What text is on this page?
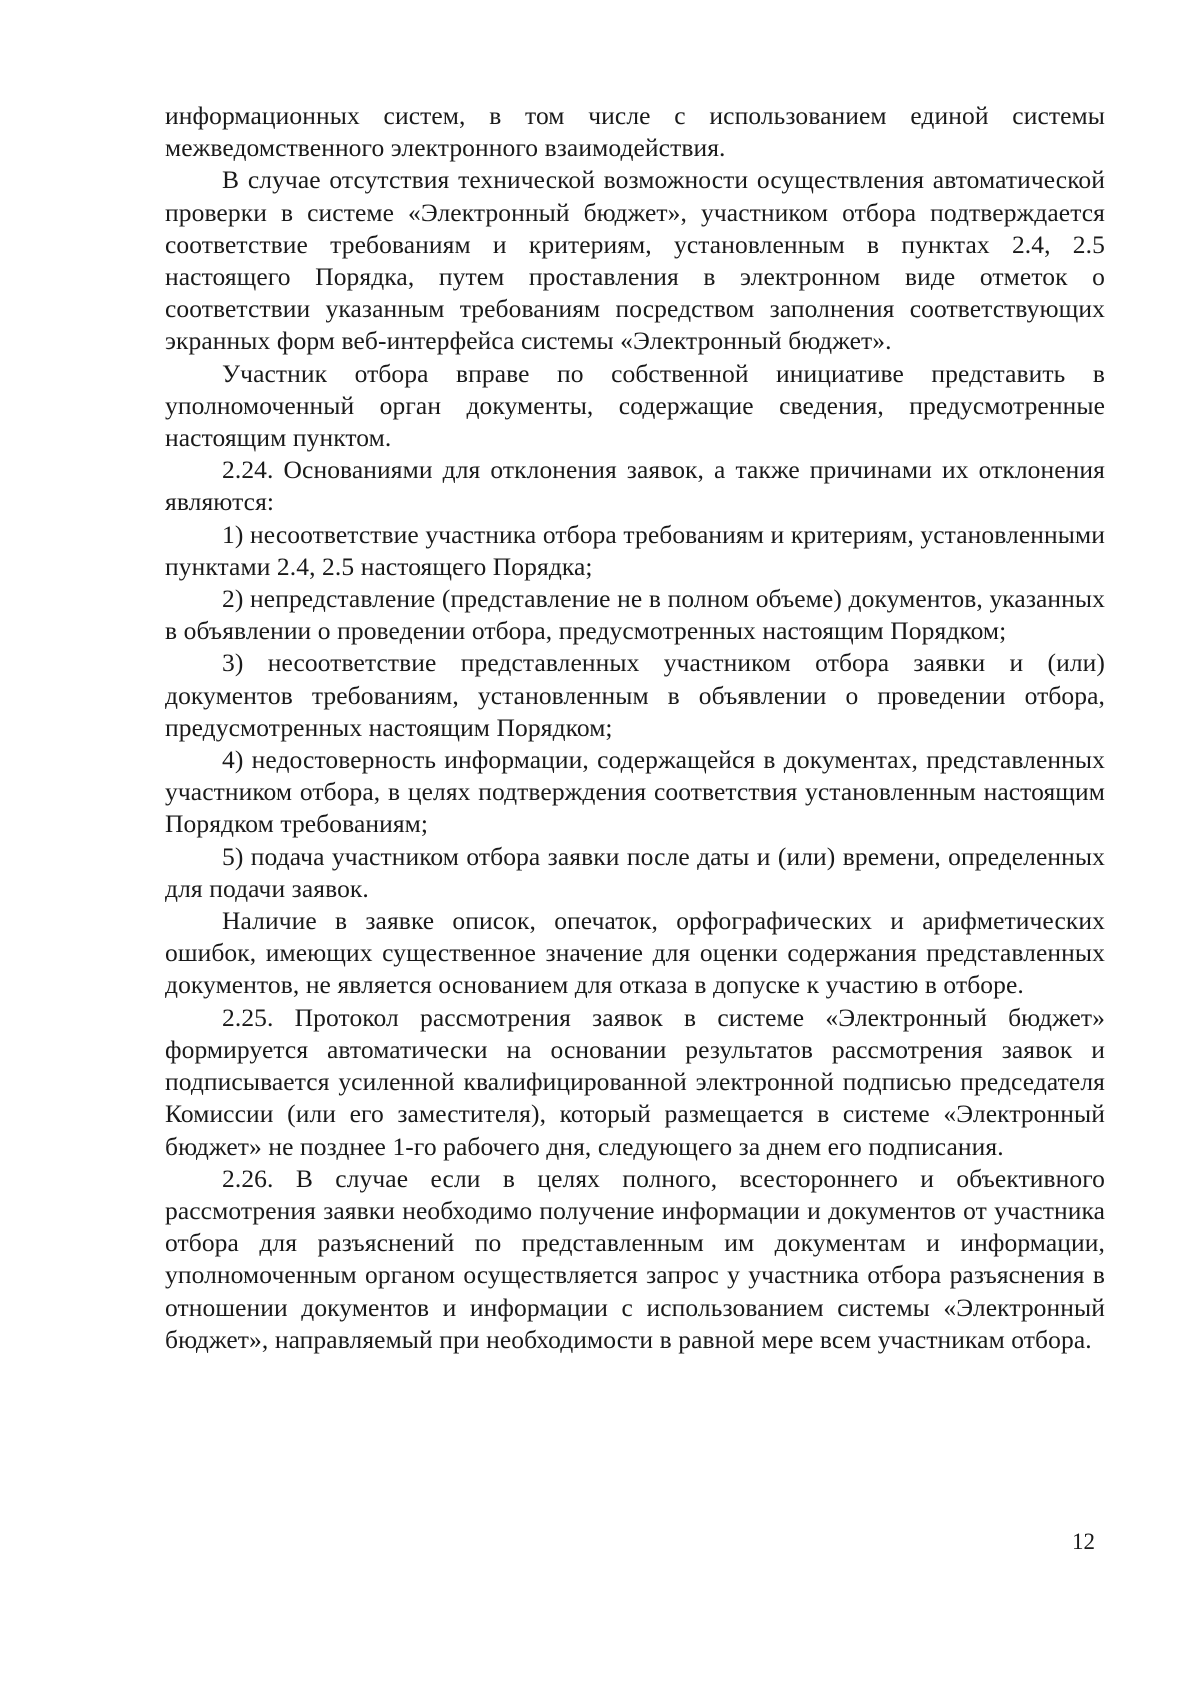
информационных систем, в том числе с использованием единой системы межведомственного электронного взаимодействия.

В случае отсутствия технической возможности осуществления автоматической проверки в системе «Электронный бюджет», участником отбора подтверждается соответствие требованиям и критериям, установленным в пунктах 2.4, 2.5 настоящего Порядка, путем проставления в электронном виде отметок о соответствии указанным требованиям посредством заполнения соответствующих экранных форм веб-интерфейса системы «Электронный бюджет».

Участник отбора вправе по собственной инициативе представить в уполномоченный орган документы, содержащие сведения, предусмотренные настоящим пунктом.

2.24. Основаниями для отклонения заявок, а также причинами их отклонения являются:

1) несоответствие участника отбора требованиям и критериям, установленными пунктами 2.4, 2.5 настоящего Порядка;

2) непредставление (представление не в полном объеме) документов, указанных в объявлении о проведении отбора, предусмотренных настоящим Порядком;

3) несоответствие представленных участником отбора заявки и (или) документов требованиям, установленным в объявлении о проведении отбора, предусмотренных настоящим Порядком;

4) недостоверность информации, содержащейся в документах, представленных участником отбора, в целях подтверждения соответствия установленным настоящим Порядком требованиям;

5) подача участником отбора заявки после даты и (или) времени, определенных для подачи заявок.

Наличие в заявке описок, опечаток, орфографических и арифметических ошибок, имеющих существенное значение для оценки содержания представленных документов, не является основанием для отказа в допуске к участию в отборе.

2.25. Протокол рассмотрения заявок в системе «Электронный бюджет» формируется автоматически на основании результатов рассмотрения заявок и подписывается усиленной квалифицированной электронной подписью председателя Комиссии (или его заместителя), который размещается в системе «Электронный бюджет» не позднее 1-го рабочего дня, следующего за днем его подписания.

2.26. В случае если в целях полного, всестороннего и объективного рассмотрения заявки необходимо получение информации и документов от участника отбора для разъяснений по представленным им документам и информации, уполномоченным органом осуществляется запрос у участника отбора разъяснения в отношении документов и информации с использованием системы «Электронный бюджет», направляемый при необходимости в равной мере всем участникам отбора.

12
